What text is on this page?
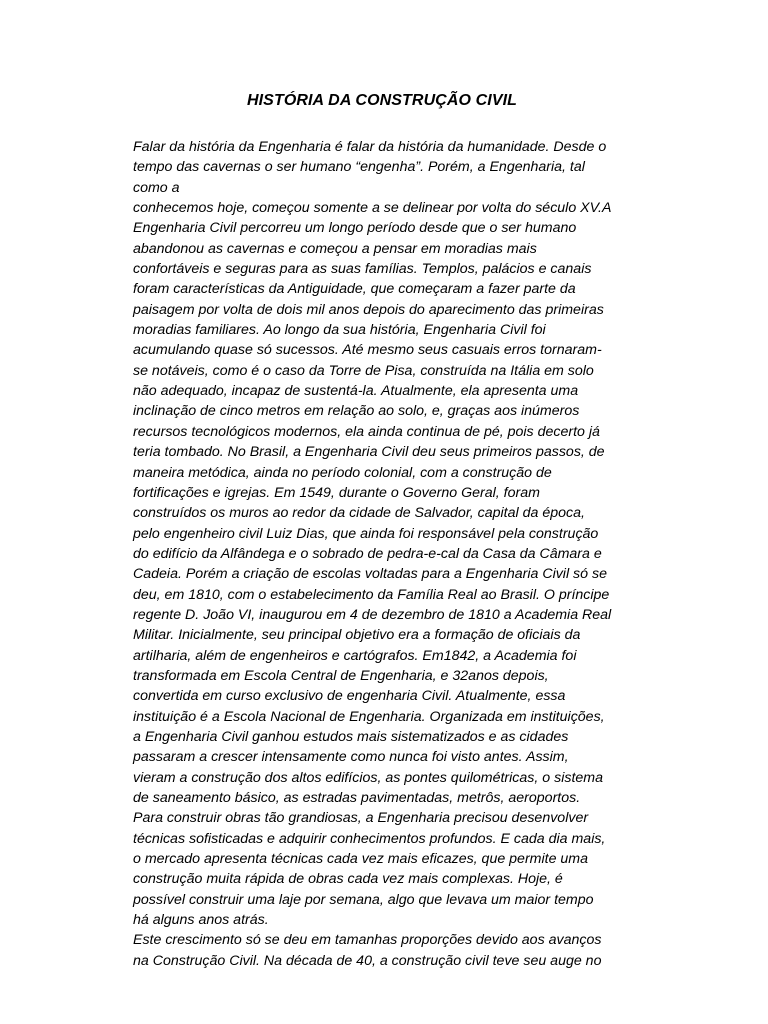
HISTÓRIA DA CONSTRUÇÃO CIVIL
Falar da história da Engenharia é falar da história da humanidade. Desde o
tempo das cavernas o ser humano “engenha”. Porém, a Engenharia, tal
como a
conhecemos hoje, começou somente a se delinear por volta do século XV.A
Engenharia Civil percorreu um longo período desde que o ser humano
abandonou as cavernas e começou a pensar em moradias mais
confortáveis e seguras para as suas famílias. Templos, palácios e canais
foram características da Antiguidade, que começaram a fazer parte da
paisagem por volta de dois mil anos depois do aparecimento das primeiras
moradias familiares. Ao longo da sua história, Engenharia Civil foi
acumulando quase só sucessos. Até mesmo seus casuais erros tornaram-
se notáveis, como é o caso da Torre de Pisa, construída na Itália em solo
não adequado, incapaz de sustentá-la. Atualmente, ela apresenta uma
inclinação de cinco metros em relação ao solo, e, graças aos inúmeros
recursos tecnológicos modernos, ela ainda continua de pé, pois decerto já
teria tombado. No Brasil, a Engenharia Civil deu seus primeiros passos, de
maneira metódica, ainda no período colonial, com a construção de
fortificações e igrejas. Em 1549, durante o Governo Geral, foram
construídos os muros ao redor da cidade de Salvador, capital da época,
pelo engenheiro civil Luiz Dias, que ainda foi responsável pela construção
do edifício da Alfândega e o sobrado de pedra-e-cal da Casa da Câmara e
Cadeia. Porém a criação de escolas voltadas para a Engenharia Civil só se
deu, em 1810, com o estabelecimento da Família Real ao Brasil. O príncipe
regente D. João VI, inaugurou em 4 de dezembro de 1810 a Academia Real
Militar. Inicialmente, seu principal objetivo era a formação de oficiais da
artilharia, além de engenheiros e cartógrafos. Em1842, a Academia foi
transformada em Escola Central de Engenharia, e 32anos depois,
convertida em curso exclusivo de engenharia Civil. Atualmente, essa
instituição é a Escola Nacional de Engenharia. Organizada em instituições,
a Engenharia Civil ganhou estudos mais sistematizados e as cidades
passaram a crescer intensamente como nunca foi visto antes. Assim,
vieram a construção dos altos edifícios, as pontes quilométricas, o sistema
de saneamento básico, as estradas pavimentadas, metrôs, aeroportos.
Para construir obras tão grandiosas, a Engenharia precisou desenvolver
técnicas sofisticadas e adquirir conhecimentos profundos. E cada dia mais,
o mercado apresenta técnicas cada vez mais eficazes, que permite uma
construção muita rápida de obras cada vez mais complexas. Hoje, é
possível construir uma laje por semana, algo que levava um maior tempo
há alguns anos atrás.
Este crescimento só se deu em tamanhas proporções devido aos avanços
na Construção Civil. Na década de 40, a construção civil teve seu auge no
